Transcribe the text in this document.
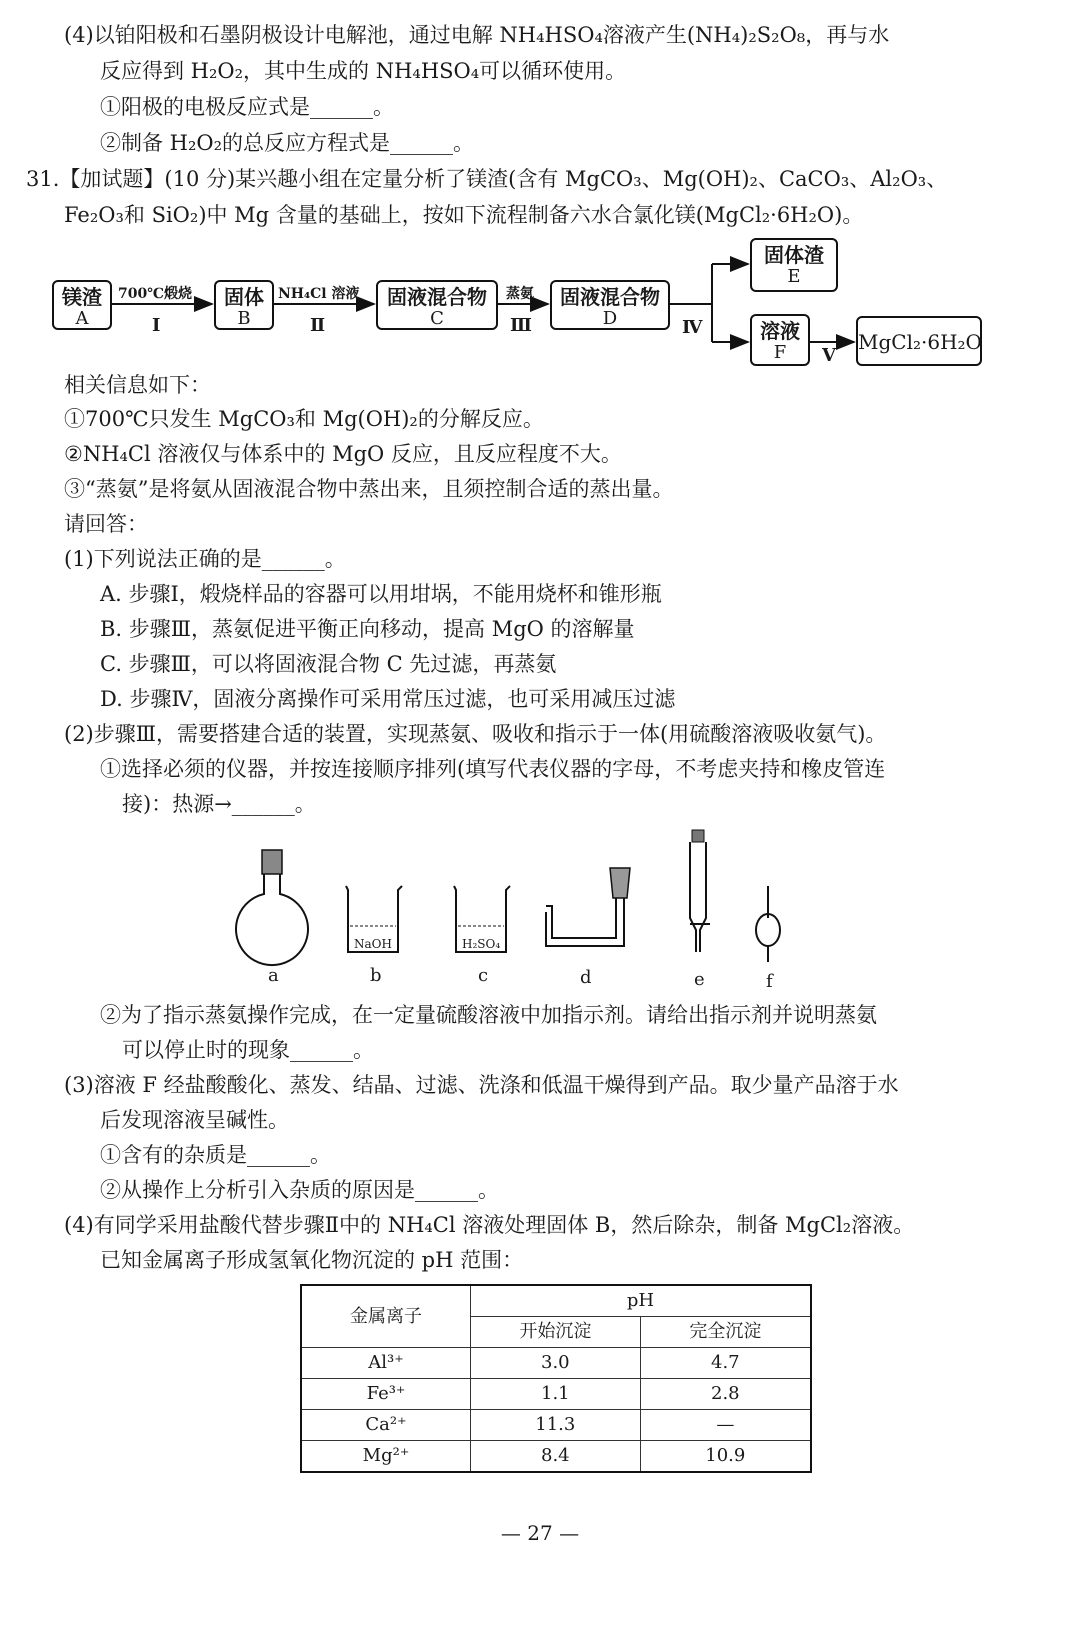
(4)以铂阳极和石墨阴极设计电解池，通过电解 NH₄HSO₄溶液产生(NH₄)₂S₂O₈，再与水
反应得到 H₂O₂，其中生成的 NH₄HSO₄可以循环使用。
①阳极的电极反应式是______。
②制备 H₂O₂的总反应方程式是______。
31.【加试题】(10 分)某兴趣小组在定量分析了镁渣(含有 MgCO₃、Mg(OH)₂、CaCO₃、Al₂O₃、
Fe₂O₃和 SiO₂)中 Mg 含量的基础上，按如下流程制备六水合氯化镁(MgCl₂·6H₂O)。
镁渣
A
700℃煅烧
Ⅰ
固体
B
NH₄Cl 溶液
Ⅱ
固液混合物
C
蒸氨
Ⅲ
固液混合物
D	Ⅳ
固体渣
E
溶液
F	Ⅴ
MgCl₂·6H₂O
相关信息如下：
①700℃只发生 MgCO₃和 Mg(OH)₂的分解反应。
②NH₄Cl 溶液仅与体系中的 MgO 反应，且反应程度不大。
③“蒸氨”是将氨从固液混合物中蒸出来，且须控制合适的蒸出量。
请回答：
(1)下列说法正确的是______。
A. 步骤Ⅰ，煅烧样品的容器可以用坩埚，不能用烧杯和锥形瓶
B. 步骤Ⅲ，蒸氨促进平衡正向移动，提高 MgO 的溶解量
C. 步骤Ⅲ，可以将固液混合物 C 先过滤，再蒸氨
D. 步骤Ⅳ，固液分离操作可采用常压过滤，也可采用减压过滤
(2)步骤Ⅲ，需要搭建合适的装置，实现蒸氨、吸收和指示于一体(用硫酸溶液吸收氨气)。
①选择必须的仪器，并按连接顺序排列(填写代表仪器的字母，不考虑夹持和橡皮管连
接)：热源→______。
NaOH	H₂SO₄
a	b	c	d	e	f
②为了指示蒸氨操作完成，在一定量硫酸溶液中加指示剂。请给出指示剂并说明蒸氨
可以停止时的现象______。
(3)溶液 F 经盐酸酸化、蒸发、结晶、过滤、洗涤和低温干燥得到产品。取少量产品溶于水
后发现溶液呈碱性。
①含有的杂质是______。
②从操作上分析引入杂质的原因是______。
(4)有同学采用盐酸代替步骤Ⅱ中的 NH₄Cl 溶液处理固体 B，然后除杂，制备 MgCl₂溶液。
已知金属离子形成氢氧化物沉淀的 pH 范围：
金属离子	pH	
	开始沉淀	完全沉淀
Al³⁺	3.0	4.7
Fe³⁺	1.1	2.8
Ca²⁺	11.3	—
Mg²⁺	8.4	10.9
— 27 —
